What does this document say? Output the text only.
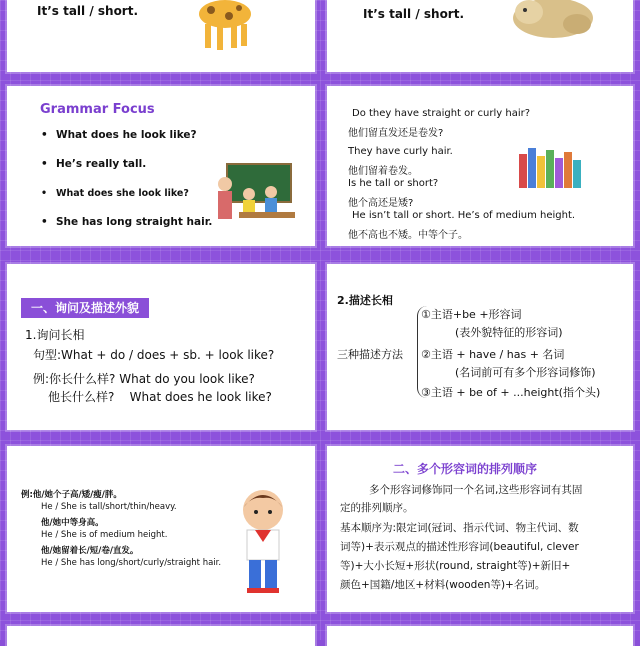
It’s tall / short.	It’s tall / short.
Grammar Focus
• What does he look like?
• He’s really tall.
• What does she look like?
• She has long straight hair.
Do they have straight or curly hair?
他们留直发还是卷发?
They have curly hair.
他们留着卷发。
Is he tall or short?
他个高还是矮?
He isn’t tall or short. He’s of medium height.
他不高也不矮。中等个子。
一、询问及描述外貌
1.询问长相
句型:What + do / does + sb. + look like?
例:你长什么样? What do you look like?
他长什么样?    What does he look like?
2.描述长相
三种描述方法
①主语+be +形容词
(表外貌特征的形容词)
②主语 + have / has + 名词
(名词前可有多个形容词修饰)
③主语 + be of + ...height(指个头)
例:他/她个子高/矮/瘦/胖。
He / She is tall/short/thin/heavy.
他/她中等身高。
He / She is of medium height.
他/她留着长/短/卷/直发。
He / She has long/short/curly/straight hair.
二、多个形容词的排列顺序
多个形容词修饰同一个名词,这些形容词有其固
定的排列顺序。
基本顺序为:限定词(冠词、指示代词、物主代词、数
词等)+表示观点的描述性形容词(beautiful, clever
等)+大小长短+形状(round, straight等)+新旧+
颜色+国籍/地区+材料(wooden等)+名词。
